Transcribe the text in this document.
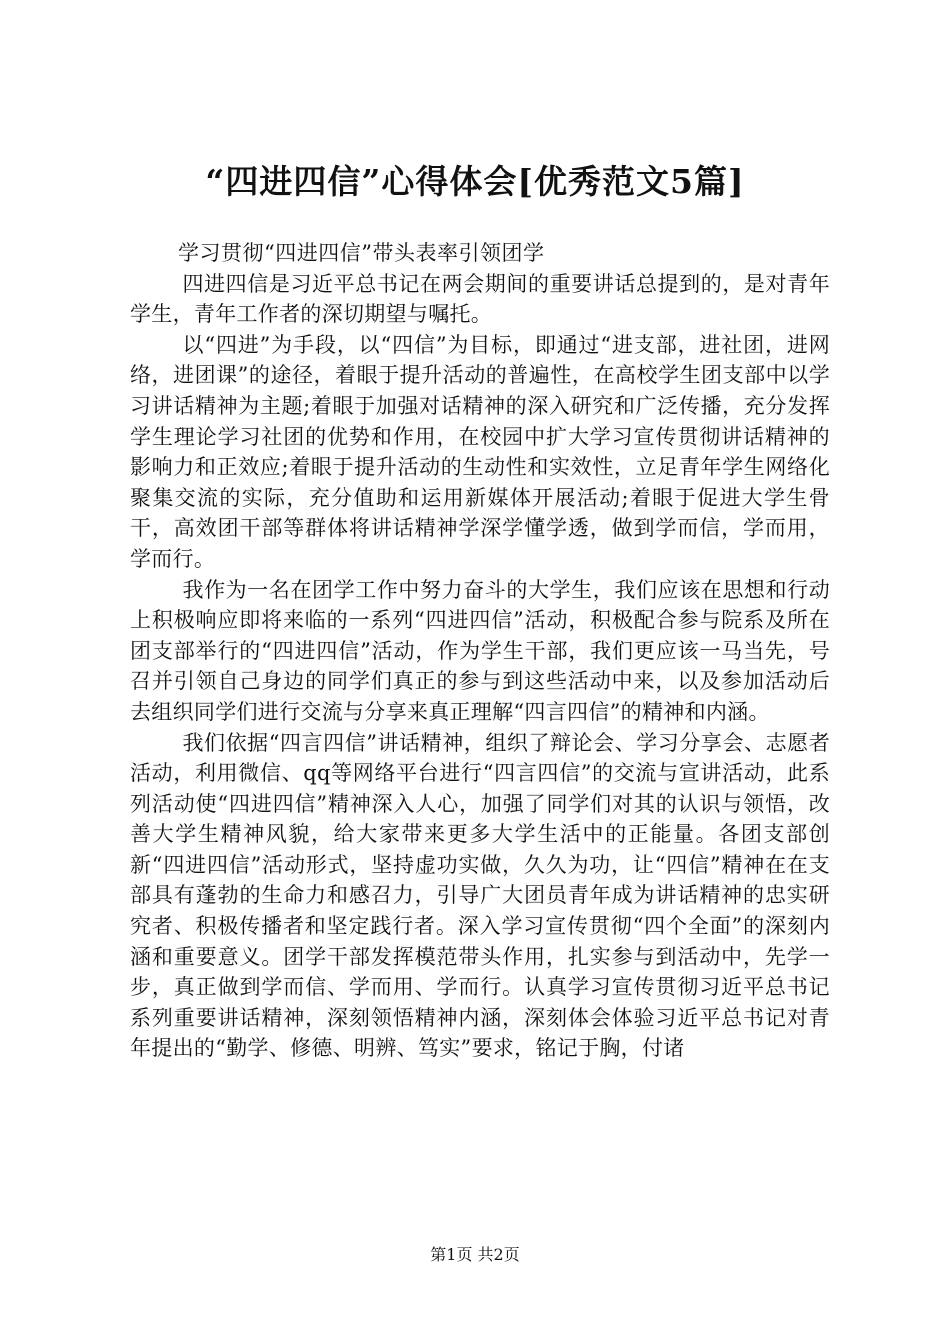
“四进四信”心得体会[优秀范文5篇]

学习贯彻“四进四信”带头表率引领团学

四进四信是习近平总书记在两会期间的重要讲话总提到的，是对青年学生，青年工作者的深切期望与嘱托。

以“四进”为手段，以“四信”为目标，即通过“进支部，进社团，进网络，进团课”的途径，着眼于提升活动的普遍性，在高校学生团支部中以学习讲话精神为主题;着眼于加强对话精神的深入研究和广泛传播，充分发挥学生理论学习社团的优势和作用，在校园中扩大学习宣传贯彻讲话精神的影响力和正效应;着眼于提升活动的生动性和实效性，立足青年学生网络化聚集交流的实际，充分值助和运用新媒体开展活动;着眼于促进大学生骨干，高效团干部等群体将讲话精神学深学懂学透，做到学而信，学而用，学而行。

我作为一名在团学工作中努力奋斗的大学生，我们应该在思想和行动上积极响应即将来临的一系列“四进四信”活动，积极配合参与院系及所在团支部举行的“四进四信”活动，作为学生干部，我们更应该一马当先，号召并引领自己身边的同学们真正的参与到这些活动中来，以及参加活动后去组织同学们进行交流与分享来真正理解“四言四信”的精神和内涵。

我们依据“四言四信”讲话精神，组织了辩论会、学习分享会、志愿者活动，利用微信、qq等网络平台进行“四言四信”的交流与宣讲活动，此系列活动使“四进四信”精神深入人心，加强了同学们对其的认识与领悟，改善大学生精神风貌，给大家带来更多大学生活中的正能量。各团支部创新“四进四信”活动形式，坚持虚功实做，久久为功，让“四信”精神在在支部具有蓬勃的生命力和感召力，引导广大团员青年成为讲话精神的忠实研究者、积极传播者和坚定践行者。深入学习宣传贯彻“四个全面”的深刻内涵和重要意义。团学干部发挥模范带头作用，扎实参与到活动中，先学一步，真正做到学而信、学而用、学而行。认真学习宣传贯彻习近平总书记系列重要讲话精神，深刻领悟精神内涵，深刻体会体验习近平总书记对青年提出的“勤学、修德、明辨、笃实”要求，铭记于胸，付诸

第1页 共2页
